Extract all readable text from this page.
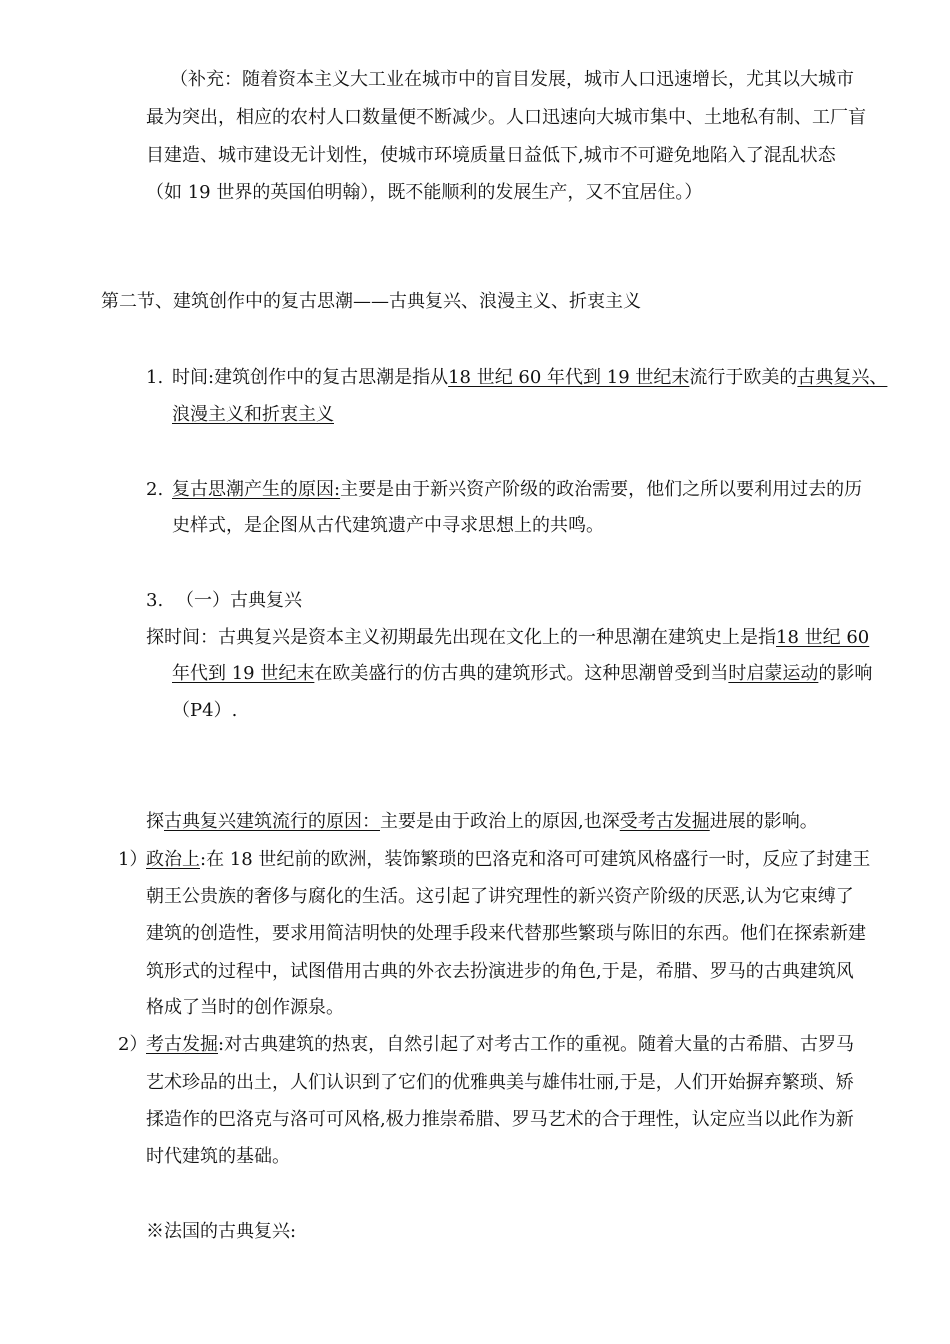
（补充：随着资本主义大工业在城市中的盲目发展，城市人口迅速增长，尤其以大城市
最为突出，相应的农村人口数量便不断减少。人口迅速向大城市集中、土地私有制、工厂盲
目建造、城市建设无计划性，使城市环境质量日益低下,城市不可避免地陷入了混乱状态
（如 19 世界的英国伯明翰），既不能顺利的发展生产，又不宜居住。）
第二节、建筑创作中的复古思潮——古典复兴、浪漫主义、折衷主义
1. 时间:建筑创作中的复古思潮是指从18 世纪 60 年代到 19 世纪末流行于欧美的古典复兴、
浪漫主义和折衷主义
2. 复古思潮产生的原因:主要是由于新兴资产阶级的政治需要，他们之所以要利用过去的历
史样式，是企图从古代建筑遗产中寻求思想上的共鸣。
3. （一）古典复兴
探时间：古典复兴是资本主义初期最先出现在文化上的一种思潮在建筑史上是指18 世纪 60
年代到 19 世纪末在欧美盛行的仿古典的建筑形式。这种思潮曾受到当时启蒙运动的影响
（P4）.
探古典复兴建筑流行的原因：主要是由于政治上的原因,也深受考古发掘进展的影响。
1）
政治上:在 18 世纪前的欧洲，装饰繁琐的巴洛克和洛可可建筑风格盛行一时，反应了封建王
朝王公贵族的奢侈与腐化的生活。这引起了讲究理性的新兴资产阶级的厌恶,认为它束缚了
建筑的创造性，要求用简洁明快的处理手段来代替那些繁琐与陈旧的东西。他们在探索新建
筑形式的过程中，试图借用古典的外衣去扮演进步的角色,于是，希腊、罗马的古典建筑风
格成了当时的创作源泉。
2）
考古发掘:对古典建筑的热衷，自然引起了对考古工作的重视。随着大量的古希腊、古罗马
艺术珍品的出土，人们认识到了它们的优雅典美与雄伟壮丽,于是，人们开始摒弃繁琐、矫
揉造作的巴洛克与洛可可风格,极力推崇希腊、罗马艺术的合于理性，认定应当以此作为新
时代建筑的基础。
※法国的古典复兴:
